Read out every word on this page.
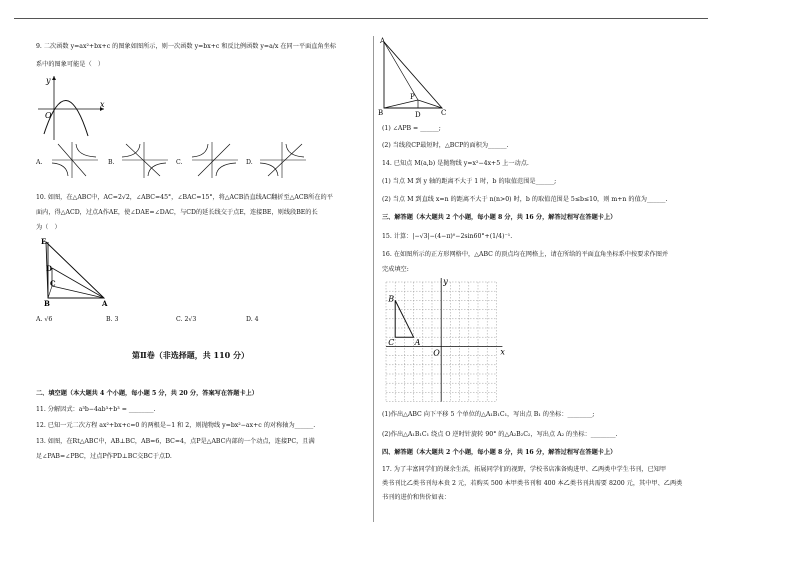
9. 二次函数 y=ax²+bx+c 的图象如图所示，则一次函数 y=bx+c 和反比例函数 y=a/x 在同一平面直角坐标
系中的图象可能是（　）
y
x
O
A.	B.	C.	D.
10. 如图，在△ABC中，AC=2√2，∠ABC=45°，∠BAC=15°，将△ACB沿直线AC翻折至△ACB所在的平
面内，得△ACD，过点A作AE，使∠DAE=∠DAC，与CD的延长线交于点E，连接BE，则线段BE的长
为（　）
E
D
C
B	A
A. √6	B. 3	C. 2√3	D. 4
第Ⅱ卷（非选择题，共 110 分）
二、填空题（本大题共 4 个小题，每小题 5 分，共 20 分，答案写在答题卡上）
11. 分解因式：a³b−4ab³+b³ = ________.
12. 已知一元二次方程 ax²+bx+c=0 的两根是−1 和 2，则抛物线 y=bx²−ax+c 的对称轴为______.
13. 如图，在Rt△ABC中，AB⊥BC，AB=6，BC=4，点P是△ABC内部的一个动点，连接PC，且满
足∠PAB=∠PBC，过点P作PD⊥BC交BC于点D.
A
B	C
P
D
(1) ∠APB = ______;
(2) 当线段CP最短时，△BCP的面积为______.
14. 已知点 M(a,b) 是抛物线 y=x²−4x+5 上一动点.
(1) 当点 M 到 y 轴的距离不大于 1 时，b 的取值范围是______;
(2) 当点 M 到直线 x=n 的距离不大于 n(n>0) 时，b 的取值范围是 5≤b≤10，则 m+n 的值为______.
三、解答题（本大题共 2 个小题，每小题 8 分，共 16 分，解答过程写在答题卡上）
15. 计算：|−√3|−(4−π)⁰−2sin60°+(1/4)⁻¹.
16. 在如图所示的正方形网格中，△ABC 的顶点均在网格上，请在所给的平面直角坐标系中按要求作图并
完成填空:
B
C	A
O	x
y
(1)作出△ABC 向下平移 5 个单位的△A₁B₁C₁，写出点 B₁ 的坐标：________;
(2)作出△A₁B₁C₁ 绕点 O 逆时针旋转 90° 的△A₂B₂C₂，写出点 A₂ 的坐标：________.
四、解答题（本大题共 2 个小题，每小题 8 分，共 16 分，解答过程写在答题卡上）
17. 为了丰富同学们的课余生活，拓展同学们的视野，学校书店准备购进甲、乙两类中学生书刊，已知甲
类书刊比乙类书刊每本贵 2 元，若购买 500 本甲类书刊和 400 本乙类书刊共需要 8200 元，其中甲、乙两类
书刊的进价和售价如表：
